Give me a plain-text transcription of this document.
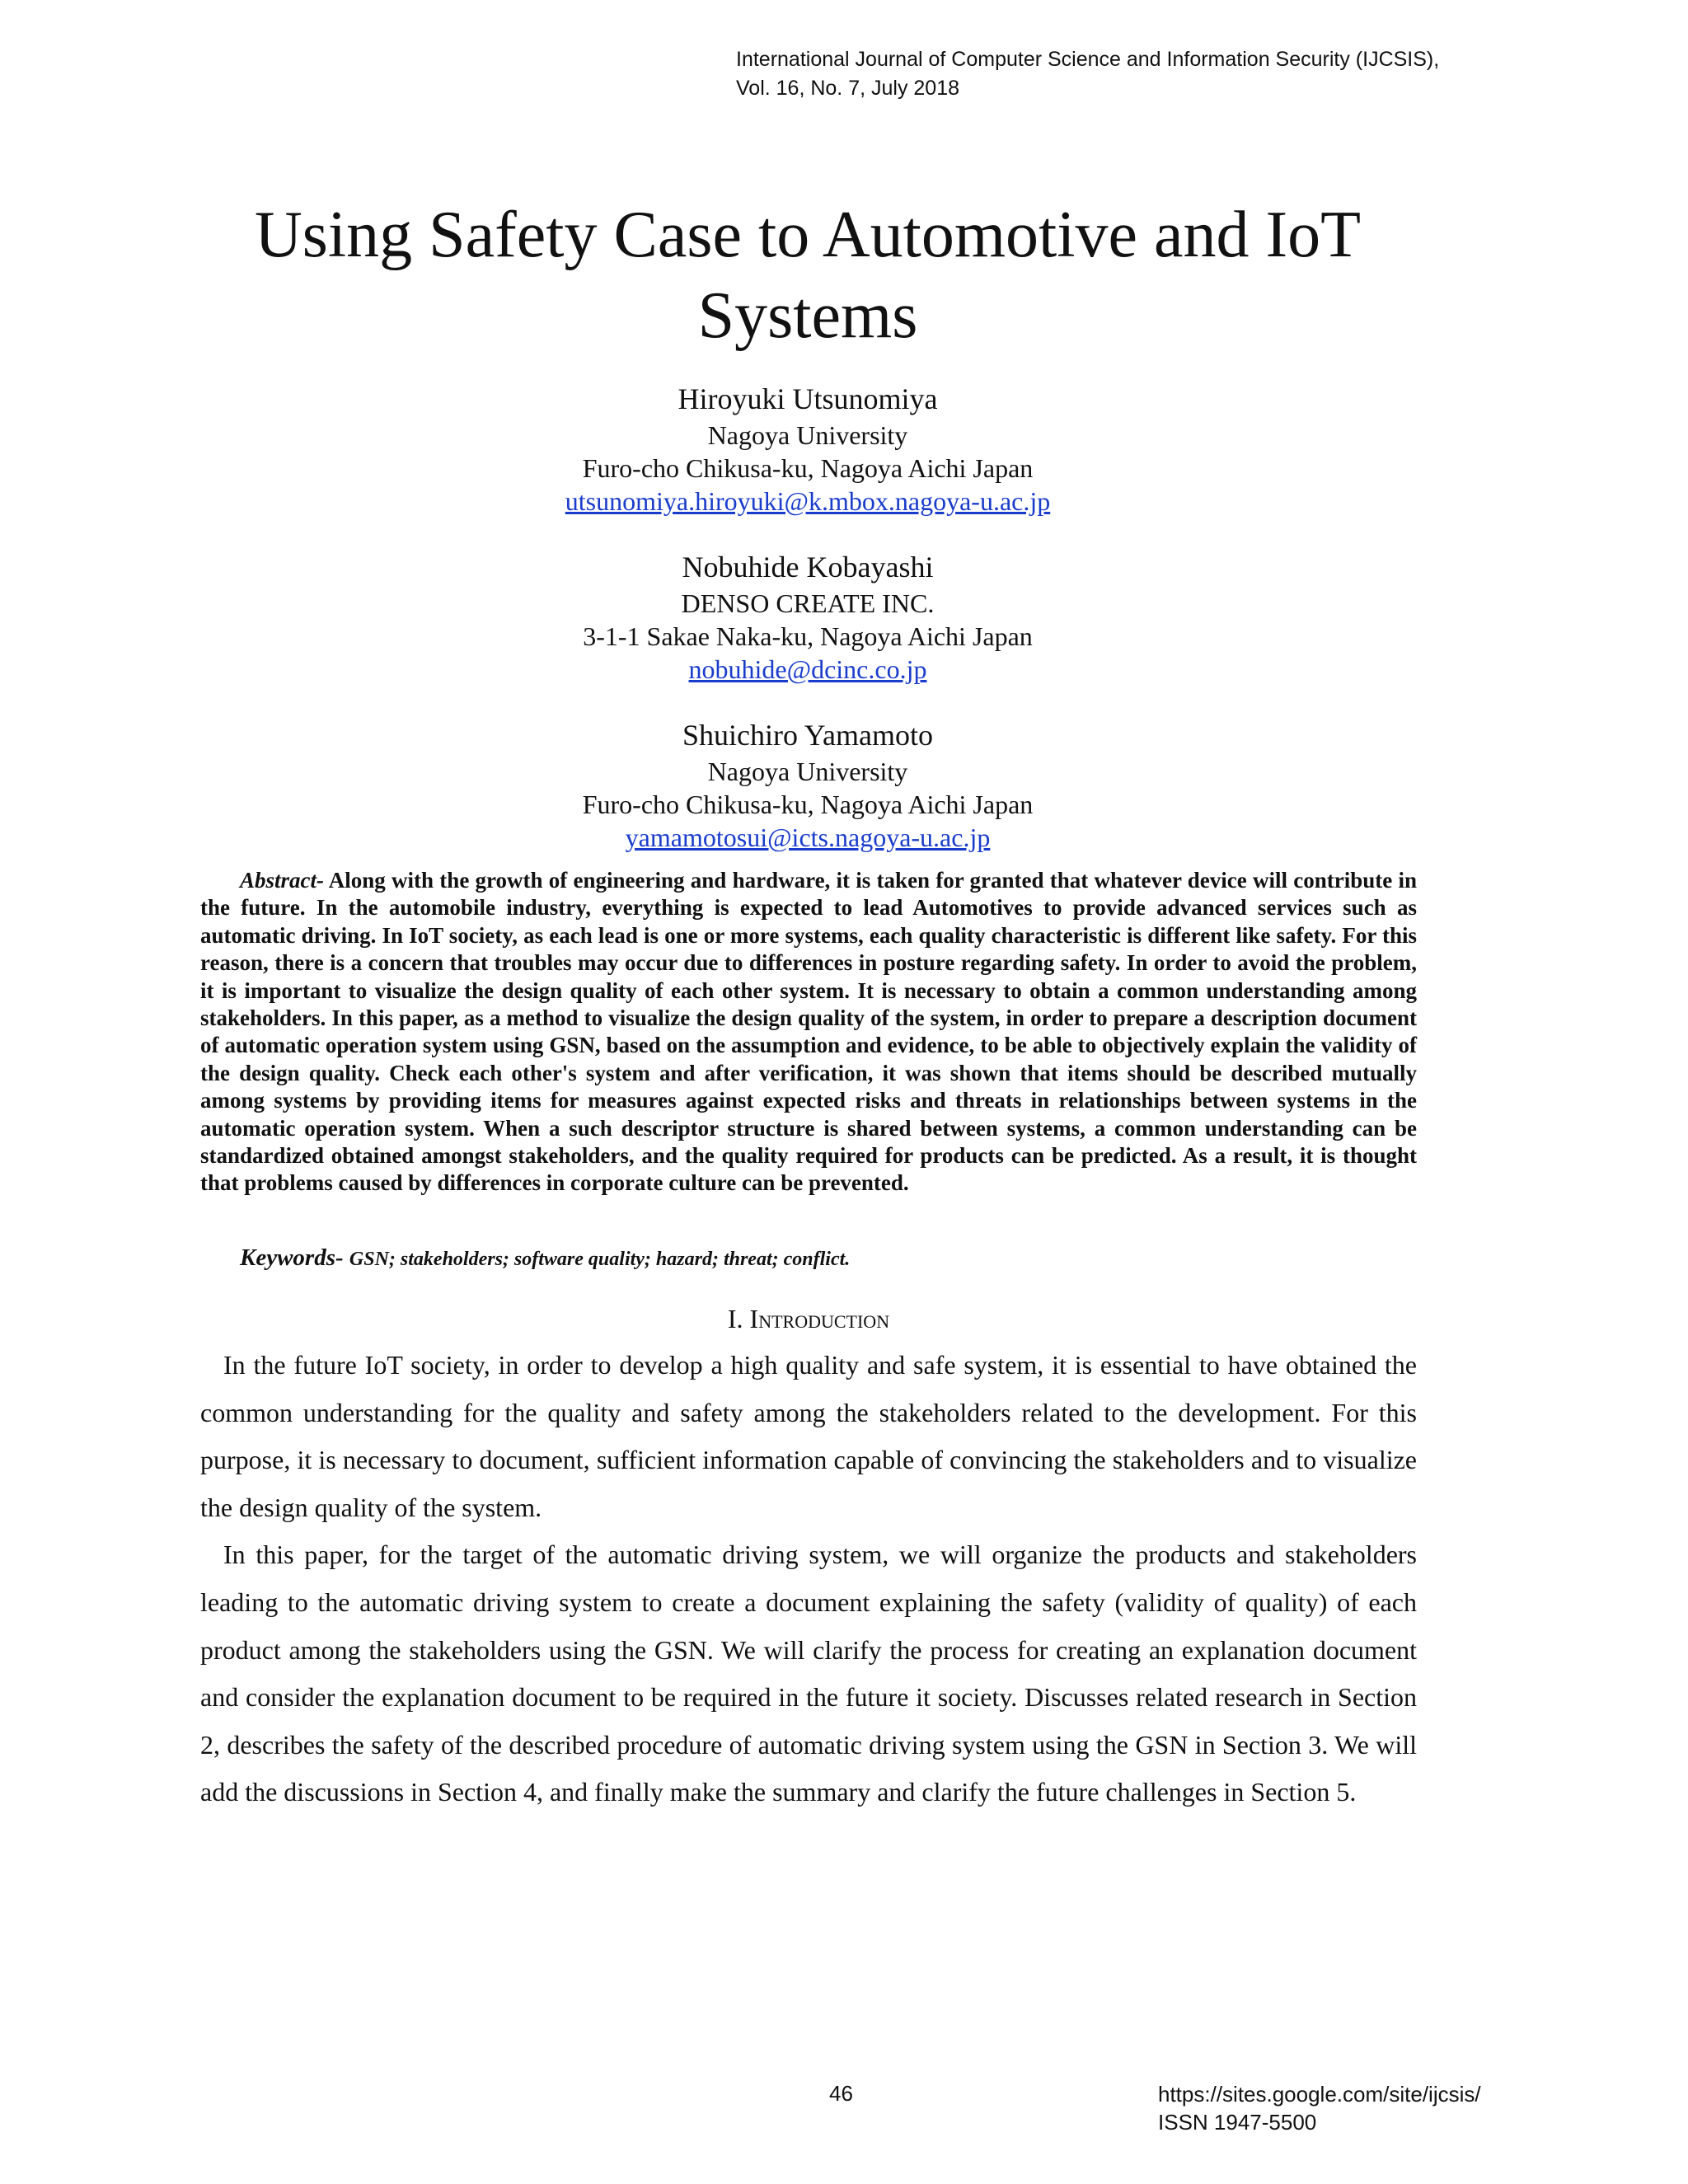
International Journal of Computer Science and Information Security (IJCSIS),
Vol. 16, No. 7, July 2018
Using Safety Case to Automotive and IoT
Systems
Hiroyuki Utsunomiya
Nagoya University
Furo-cho Chikusa-ku, Nagoya Aichi Japan
utsunomiya.hiroyuki@k.mbox.nagoya-u.ac.jp
Nobuhide Kobayashi
DENSO CREATE INC.
3-1-1 Sakae Naka-ku, Nagoya Aichi Japan
nobuhide@dcinc.co.jp
Shuichiro Yamamoto
Nagoya University
Furo-cho Chikusa-ku, Nagoya Aichi Japan
yamamotosui@icts.nagoya-u.ac.jp
Abstract- Along with the growth of engineering and hardware, it is taken for granted that whatever device will contribute in the future. In the automobile industry, everything is expected to lead Automotives to provide advanced services such as automatic driving. In IoT society, as each lead is one or more systems, each quality characteristic is different like safety. For this reason, there is a concern that troubles may occur due to differences in posture regarding safety. In order to avoid the problem, it is important to visualize the design quality of each other system. It is necessary to obtain a common understanding among stakeholders. In this paper, as a method to visualize the design quality of the system, in order to prepare a description document of automatic operation system using GSN, based on the assumption and evidence, to be able to objectively explain the validity of the design quality. Check each other's system and after verification, it was shown that items should be described mutually among systems by providing items for measures against expected risks and threats in relationships between systems in the automatic operation system. When a such descriptor structure is shared between systems, a common understanding can be standardized obtained amongst stakeholders, and the quality required for products can be predicted. As a result, it is thought that problems caused by differences in corporate culture can be prevented.
Keywords- GSN; stakeholders; software quality; hazard; threat; conflict.
I. Introduction

In the future IoT society, in order to develop a high quality and safe system, it is essential to have obtained the common understanding for the quality and safety among the stakeholders related to the development. For this purpose, it is necessary to document, sufficient information capable of convincing the stakeholders and to visualize the design quality of the system.

In this paper, for the target of the automatic driving system, we will organize the products and stakeholders leading to the automatic driving system to create a document explaining the safety (validity of quality) of each product among the stakeholders using the GSN. We will clarify the process for creating an explanation document and consider the explanation document to be required in the future it society. Discusses related research in Section 2, describes the safety of the described procedure of automatic driving system using the GSN in Section 3. We will add the discussions in Section 4, and finally make the summary and clarify the future challenges in Section 5.

46	https://sites.google.com/site/ijcsis/
ISSN 1947-5500
